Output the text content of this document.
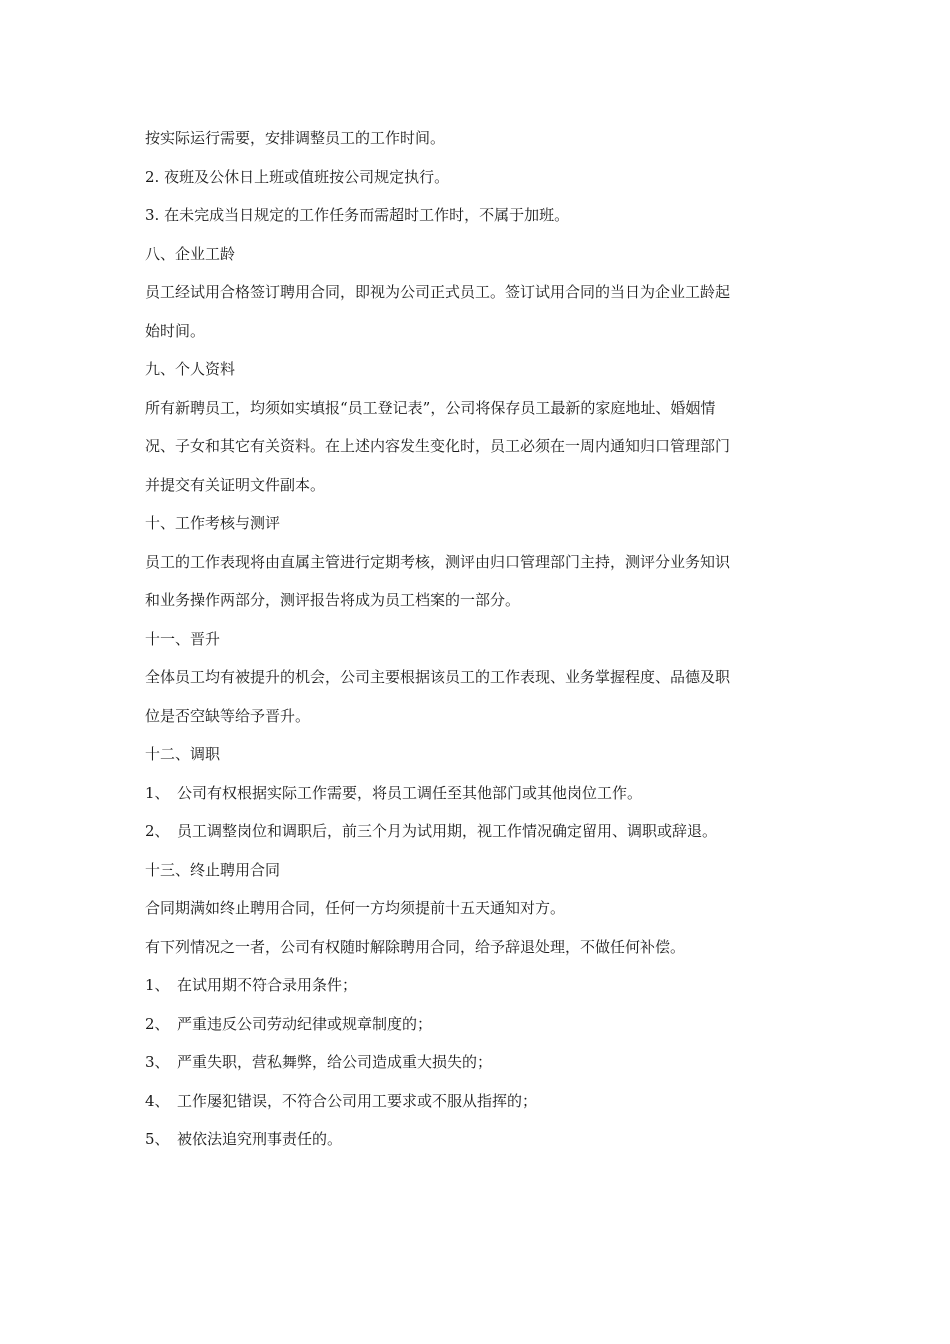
按实际运行需要，安排调整员工的工作时间。
2. 夜班及公休日上班或值班按公司规定执行。
3. 在未完成当日规定的工作任务而需超时工作时，不属于加班。
八、企业工龄
员工经试用合格签订聘用合同，即视为公司正式员工。签订试用合同的当日为企业工龄起
始时间。
九、个人资料
所有新聘员工，均须如实填报“员工登记表”，公司将保存员工最新的家庭地址、婚姻情
况、子女和其它有关资料。在上述内容发生变化时，员工必须在一周内通知归口管理部门
并提交有关证明文件副本。
十、工作考核与测评
员工的工作表现将由直属主管进行定期考核，测评由归口管理部门主持，测评分业务知识
和业务操作两部分，测评报告将成为员工档案的一部分。
十一、晋升
全体员工均有被提升的机会，公司主要根据该员工的工作表现、业务掌握程度、品德及职
位是否空缺等给予晋升。
十二、调职
1、 公司有权根据实际工作需要，将员工调任至其他部门或其他岗位工作。
2、 员工调整岗位和调职后，前三个月为试用期，视工作情况确定留用、调职或辞退。
十三、终止聘用合同
合同期满如终止聘用合同，任何一方均须提前十五天通知对方。
有下列情况之一者，公司有权随时解除聘用合同，给予辞退处理，不做任何补偿。
1、 在试用期不符合录用条件；
2、 严重违反公司劳动纪律或规章制度的；
3、 严重失职，营私舞弊，给公司造成重大损失的；
4、 工作屡犯错误，不符合公司用工要求或不服从指挥的；
5、 被依法追究刑事责任的。
